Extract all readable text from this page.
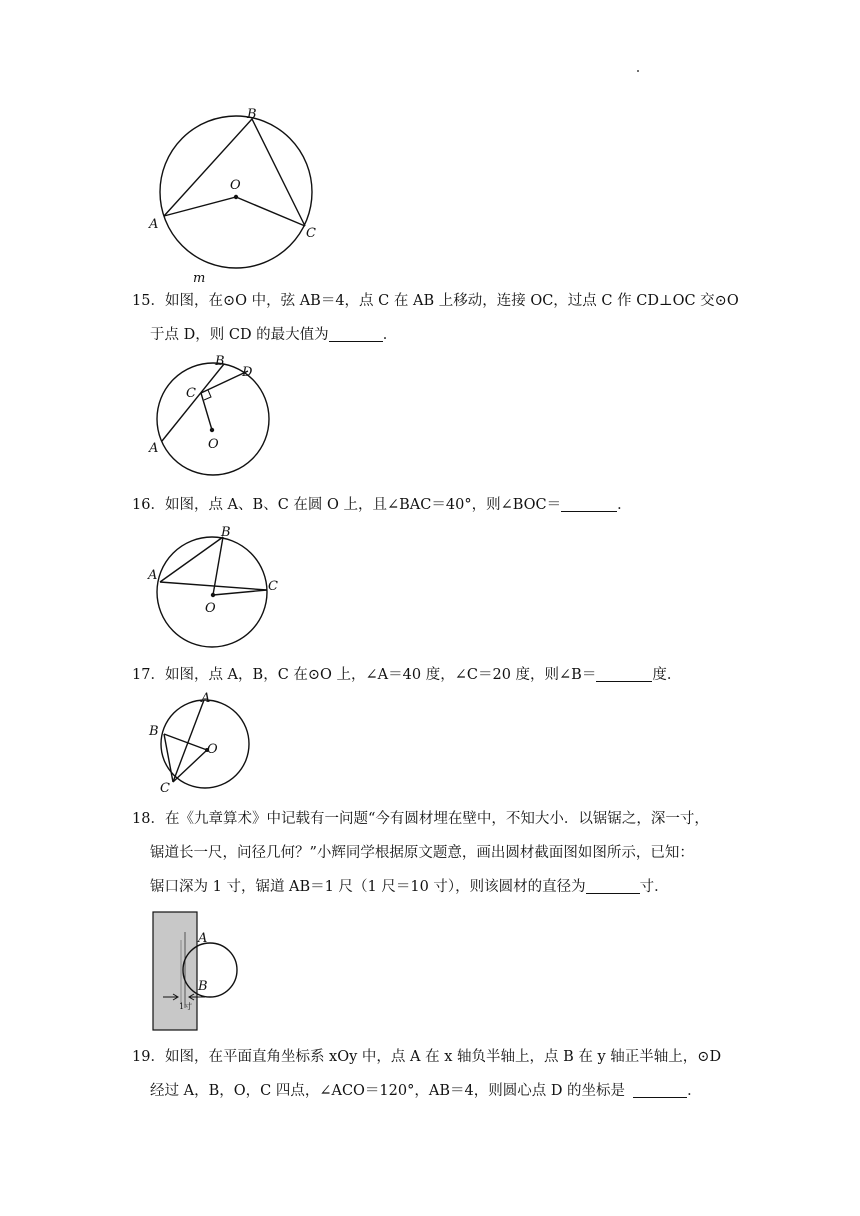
B
O
A
C
m
15．如图，在⊙O 中，弦 AB＝4，点 C 在 AB 上移动，连接 OC，过点 C 作 CD⊥OC 交⊙O
于点 D，则 CD 的最大值为	．
B
D
C
O
A
16．如图，点 A、B、C 在圆 O 上，且∠BAC＝40°，则∠BOC＝	．
B
A
C
O
17．如图，点 A，B，C 在⊙O 上，∠A＝40 度，∠C＝20 度，则∠B＝	度．
A
B
O
C
18．在《九章算术》中记载有一问题“今有圆材埋在壁中，不知大小．以锯锯之，深一寸，
锯道长一尺，问径几何？”小辉同学根据原文题意，画出圆材截面图如图所示，已知：
锯口深为 1 寸，锯道 AB＝1 尺（1 尺＝10 寸），则该圆材的直径为	寸．
A
B
1寸
19．如图，在平面直角坐标系 xOy 中，点 A 在 x 轴负半轴上，点 B 在 y 轴正半轴上，⊙D
经过 A，B，O，C 四点，∠ACO＝120°，AB＝4，则圆心点 D 的坐标是	．
